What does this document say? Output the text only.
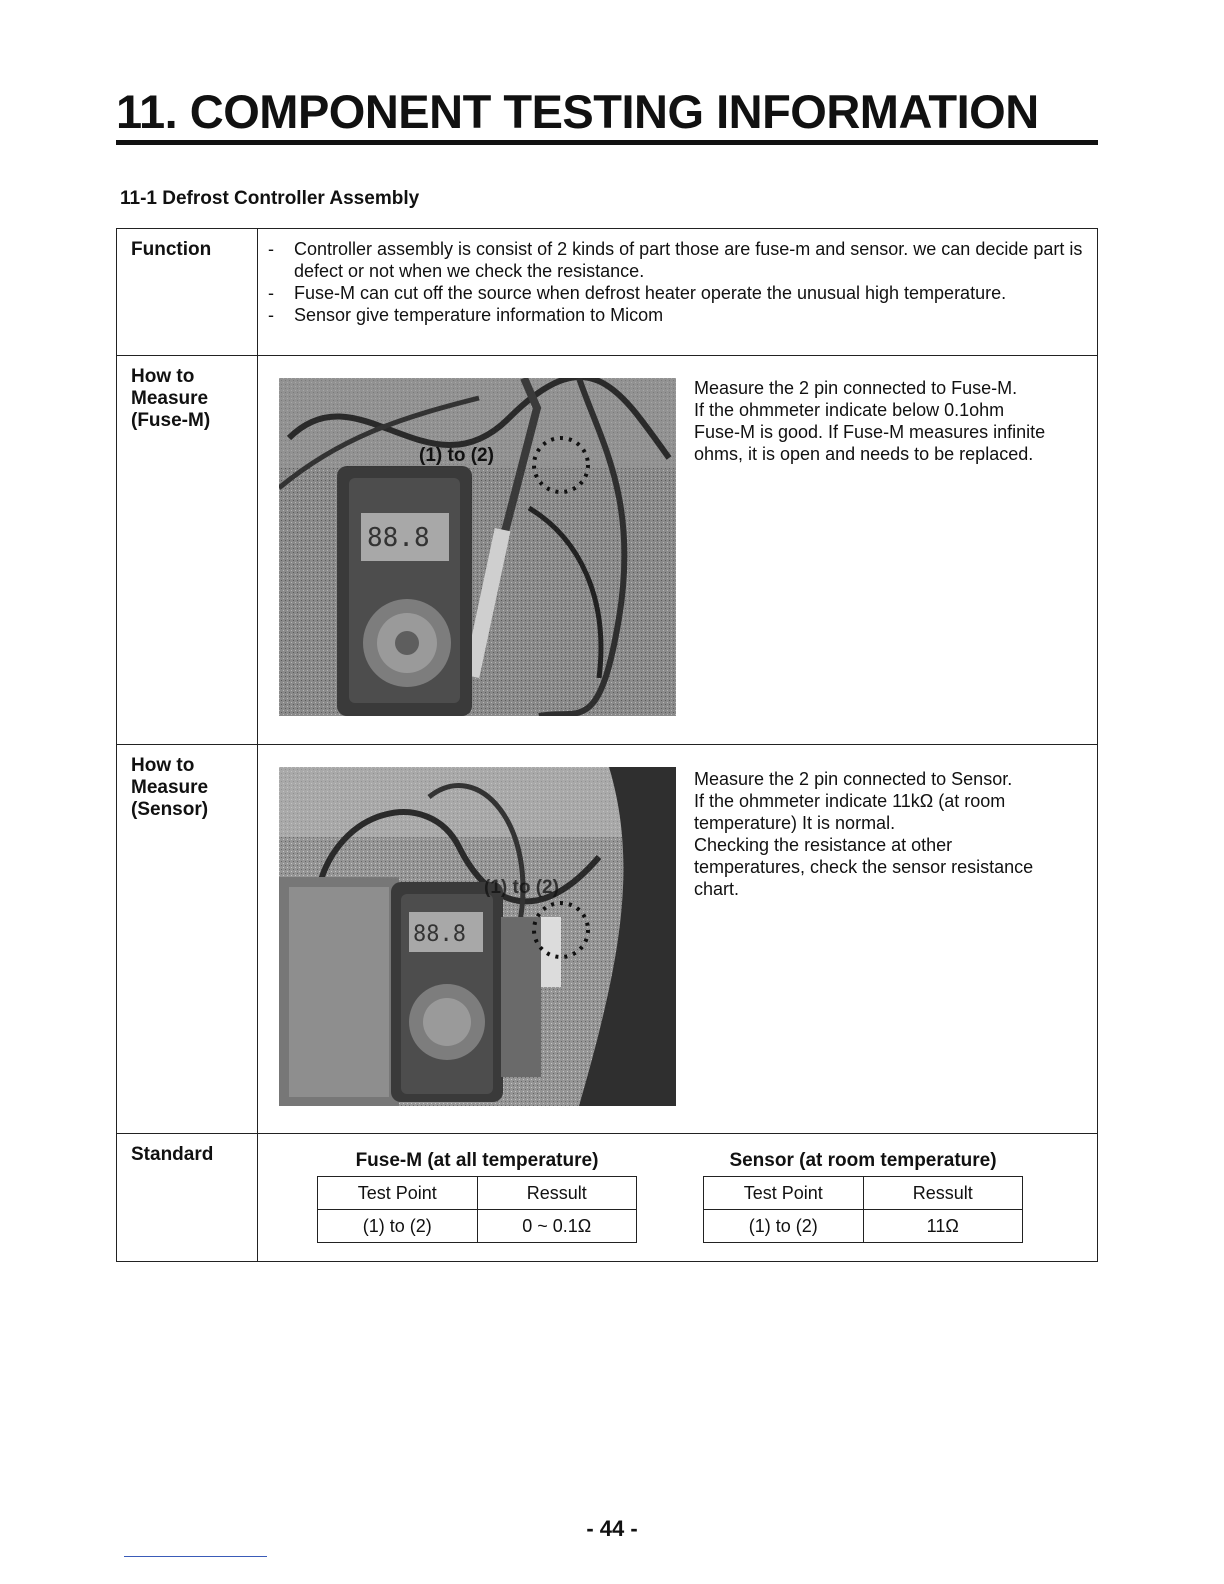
11. COMPONENT TESTING INFORMATION
11-1 Defrost Controller Assembly
Function	-	Controller assembly is consist of 2 kinds of part those are fuse-m and sensor. we can decide part is defect or not when we check the resistance.
-	Fuse-M can cut off the source when defrost heater operate the unusual high temperature.
-	Sensor give temperature information to Micom

How to
Measure
(Fuse-M)

88.8
(1) to (2)
Measure the 2 pin connected to Fuse-M.
If the ohmmeter indicate below 0.1ohm
Fuse-M is good. If Fuse-M measures infinite
ohms, it is open and needs to be replaced.

How to
Measure
(Sensor)

88.8
(1) to (2)
Measure the 2 pin connected to Sensor.
If the ohmmeter indicate 11kΩ (at room
temperature) It is normal.
Checking the resistance at other
temperatures, check the sensor resistance
chart.

Standard	Fuse-M (at all temperature)
Test Point	Ressult
(1) to (2)	0 ~ 0.1Ω
Sensor (at room temperature)
Test Point	Ressult
(1) to (2)	11Ω
- 44 -
